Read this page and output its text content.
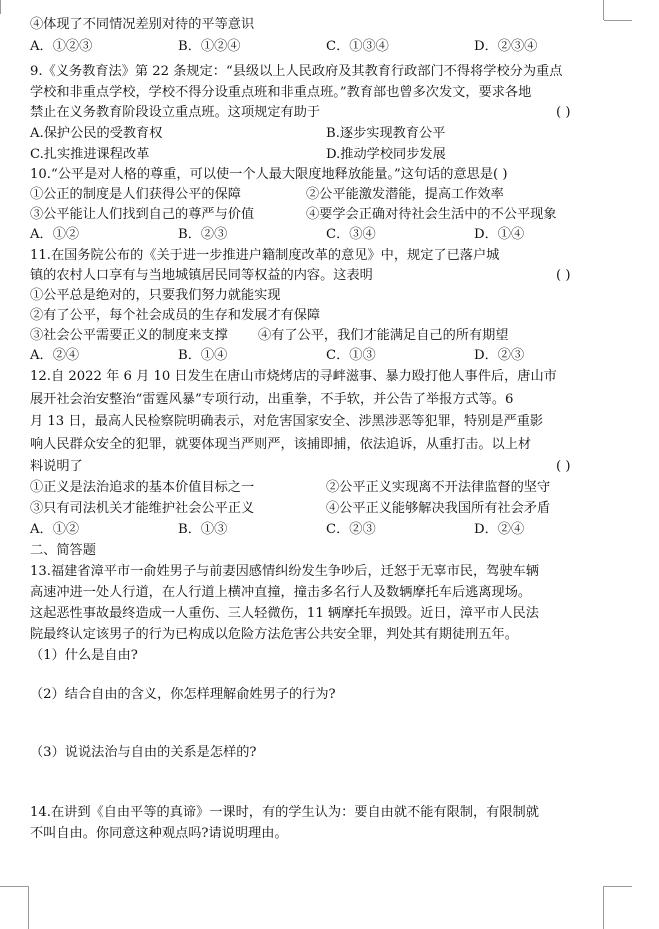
④体现了不同情况差别对待的平等意识
A．①②③	B．①②④	C．①③④	D．②③④
9.《义务教育法》第 22 条规定：“县级以上人民政府及其教育行政部门不得将学校分为重点
学校和非重点学校，学校不得分设重点班和非重点班。”教育部也曾多次发文，要求各地
禁止在义务教育阶段设立重点班。这项规定有助于	( )
A.保护公民的受教育权	B.逐步实现教育公平
C.扎实推进课程改革	D.推动学校同步发展
10.“公平是对人格的尊重，可以使一个人最大限度地释放能量。”这句话的意思是( )
①公正的制度是人们获得公平的保障	②公平能激发潜能，提高工作效率
③公平能让人们找到自己的尊严与价值	④要学会正确对待社会生活中的不公平现象
A．①②	B．②③	C．③④	D．①④
11.在国务院公布的《关于进一步推进户籍制度改革的意见》中，规定了已落户城
镇的农村人口享有与当地城镇居民同等权益的内容。这表明	( )
①公平总是绝对的，只要我们努力就能实现
②有了公平，每个社会成员的生存和发展才有保障
③社会公平需要正义的制度来支撑 ④有了公平，我们才能满足自己的所有期望
A．②④	B．①④	C．①③	D．②③
12.自 2022 年 6 月 10 日发生在唐山市烧烤店的寻衅滋事、暴力殴打他人事件后，唐山市
展开社会治安整治“雷霆风暴”专项行动，出重拳，不手软，并公告了举报方式等。6
月 13 日，最高人民检察院明确表示，对危害国家安全、涉黑涉恶等犯罪，特别是严重影
响人民群众安全的犯罪，就要体现当严则严，该捕即捕，依法追诉，从重打击。以上材
料说明了	( )
①正义是法治追求的基本价值目标之一	②公平正义实现离不开法律监督的坚守
③只有司法机关才能维护社会公平正义	④公平正义能够解决我国所有社会矛盾
A．①②	B．①③	C．②③	D．②④
二、简答题
13.福建省漳平市一俞姓男子与前妻因感情纠纷发生争吵后，迁怒于无辜市民，驾驶车辆
高速冲进一处人行道，在人行道上横冲直撞，撞击多名行人及数辆摩托车后逃离现场。
这起恶性事故最终造成一人重伤、三人轻微伤，11 辆摩托车损毁。近日，漳平市人民法
院最终认定该男子的行为已构成以危险方法危害公共安全罪，判处其有期徒刑五年。
（1）什么是自由?
（2）结合自由的含义，你怎样理解俞姓男子的行为?
（3）说说法治与自由的关系是怎样的?
14.在讲到《自由平等的真谛》一课时，有的学生认为：要自由就不能有限制，有限制就
不叫自由。你同意这种观点吗?请说明理由。
